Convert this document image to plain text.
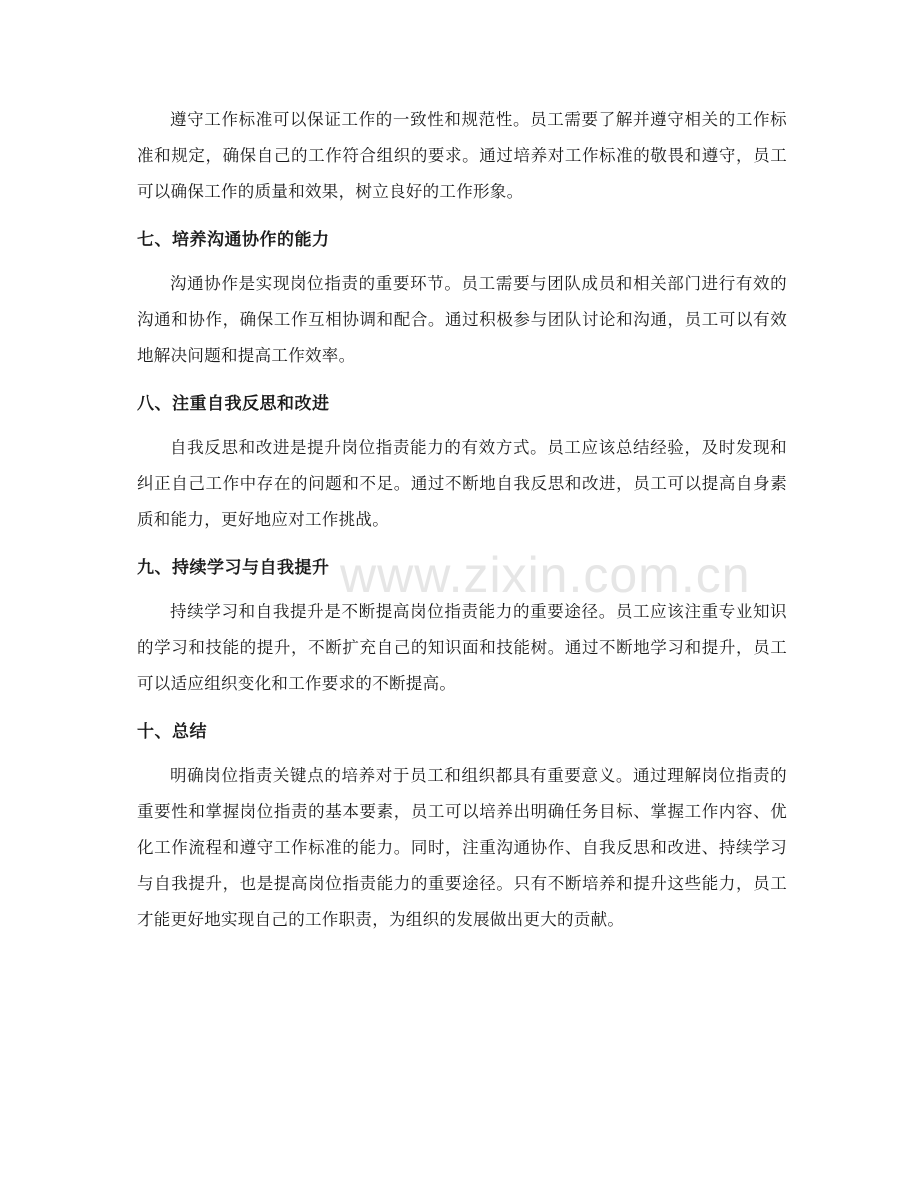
www.zixin.com.cn

遵守工作标准可以保证工作的一致性和规范性。员工需要了解并遵守相关的工作标准和规定，确保自己的工作符合组织的要求。通过培养对工作标准的敬畏和遵守，员工可以确保工作的质量和效果，树立良好的工作形象。

七、培养沟通协作的能力

沟通协作是实现岗位指责的重要环节。员工需要与团队成员和相关部门进行有效的沟通和协作，确保工作互相协调和配合。通过积极参与团队讨论和沟通，员工可以有效地解决问题和提高工作效率。

八、注重自我反思和改进

自我反思和改进是提升岗位指责能力的有效方式。员工应该总结经验，及时发现和纠正自己工作中存在的问题和不足。通过不断地自我反思和改进，员工可以提高自身素质和能力，更好地应对工作挑战。

九、持续学习与自我提升

持续学习和自我提升是不断提高岗位指责能力的重要途径。员工应该注重专业知识的学习和技能的提升，不断扩充自己的知识面和技能树。通过不断地学习和提升，员工可以适应组织变化和工作要求的不断提高。

十、总结

明确岗位指责关键点的培养对于员工和组织都具有重要意义。通过理解岗位指责的重要性和掌握岗位指责的基本要素，员工可以培养出明确任务目标、掌握工作内容、优化工作流程和遵守工作标准的能力。同时，注重沟通协作、自我反思和改进、持续学习与自我提升，也是提高岗位指责能力的重要途径。只有不断培养和提升这些能力，员工才能更好地实现自己的工作职责，为组织的发展做出更大的贡献。
